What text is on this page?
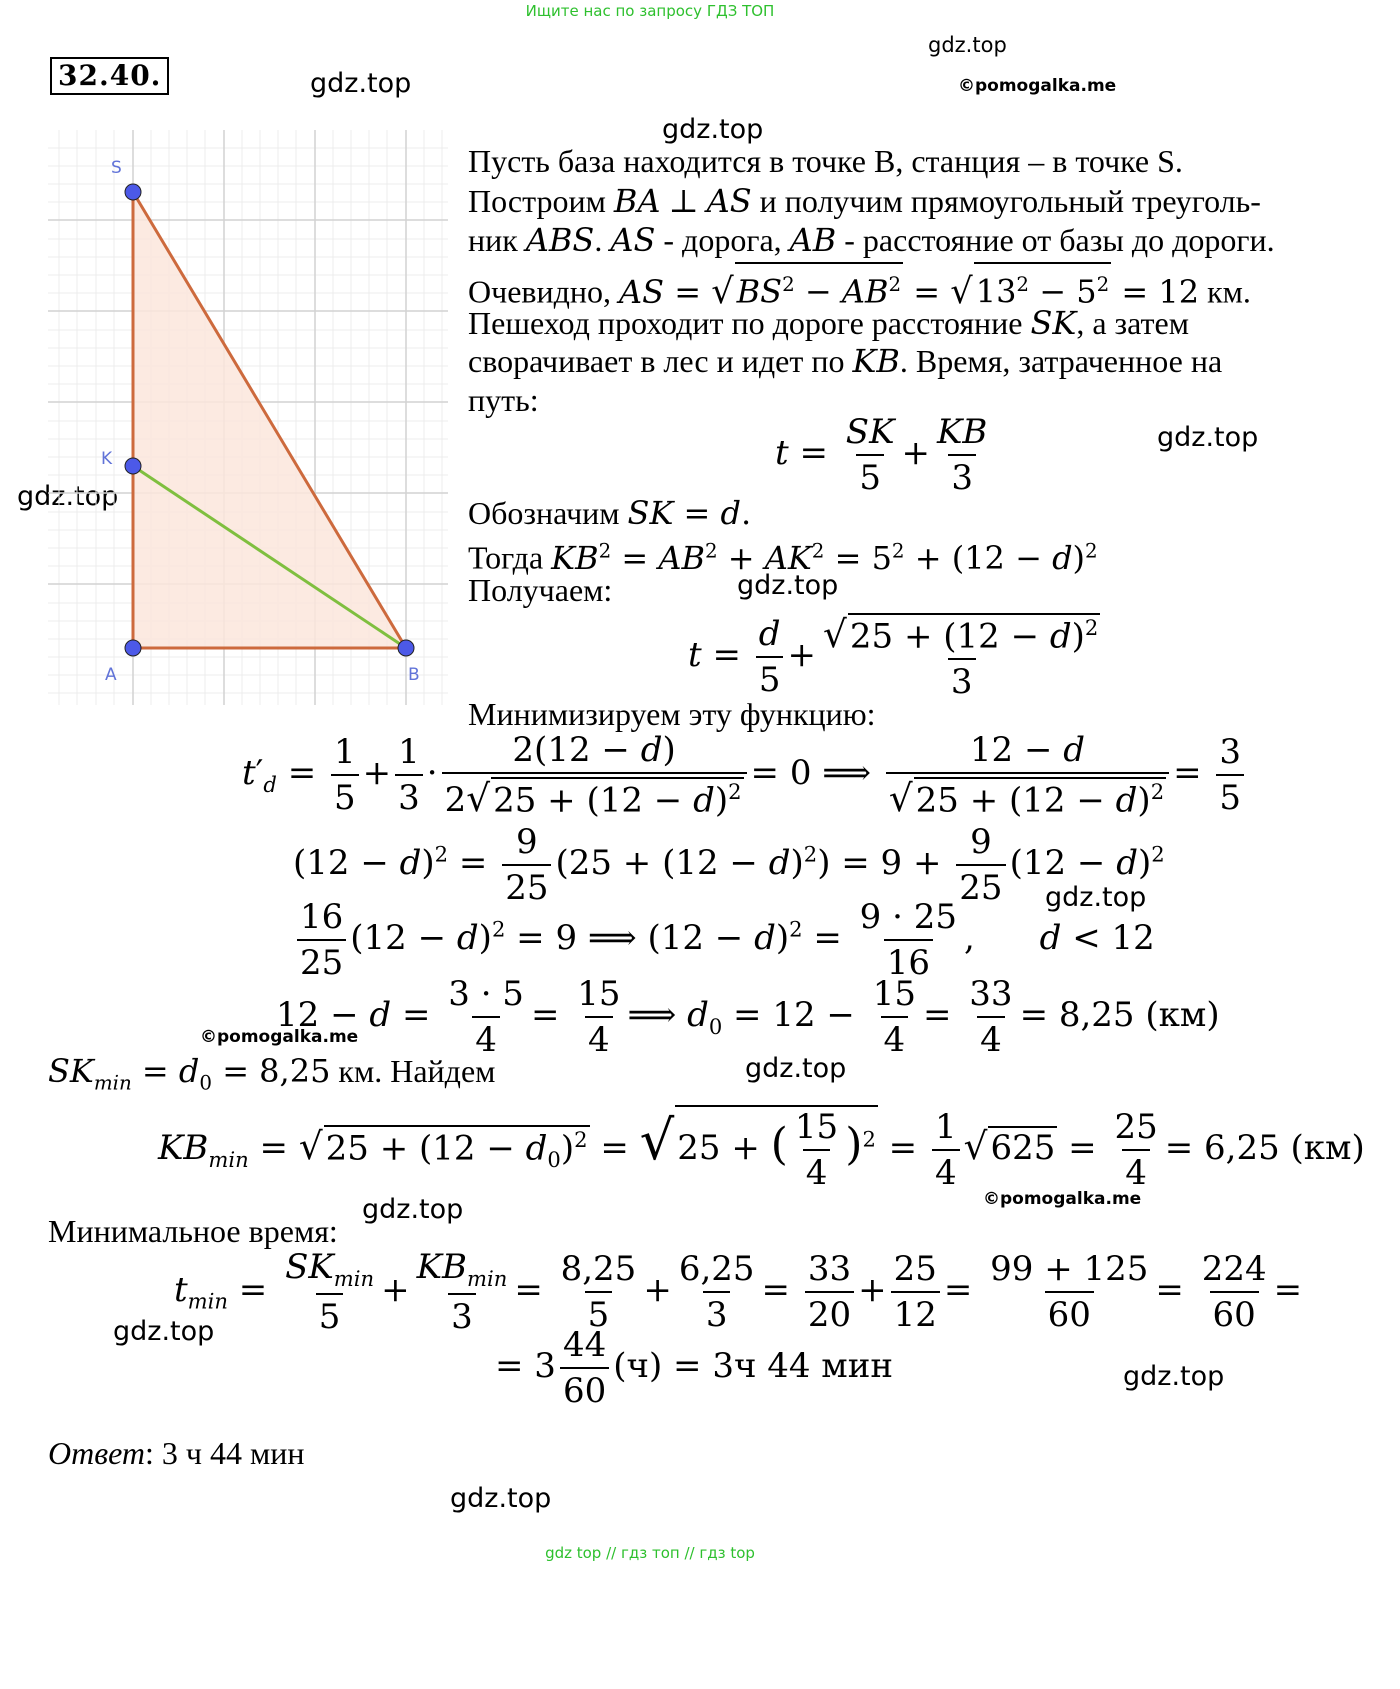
Ищите нас по запросу ГДЗ ТОП
32.40.	gdz.top
gdz.top
©pomogalka.me
gdz.top
gdz.top
gdz.top
gdz.top
gdz.top
©pomogalka.me
gdz.top
©pomogalka.me
gdz.top
gdz.top
gdz.top
gdz.top
S
K
A	B
Пусть база находится в точке B, станция – в точке S.
Построим BA ⊥ AS и получим прямоугольный треуголь-
ник ABS. AS - дорога, AB - расстояние от базы до дороги.
Очевидно, AS = $√BS^2 - AB^2 = √13^2 - 5^2 = 12$ км.
Пешеход проходит по дороге расстояние SK, а затем
сворачивает в лес и идет по KB. Время, затраченное на
путь:
$t = \frac{SK}{5} + \frac{KB}{3}$
Обозначим SK = d.
Тогда $KB^2 = AB^2 + AK^2 = 5^2 + (12 - d)^2$
Получаем:
$t = \frac{d}{5} + \frac{√25 + (12 - d)^2}{3}$
Минимизируем эту функцию:
$t'_d = \frac{1}{5} + \frac{1}{3} \cdot \frac{2(12 - d)}{2√25 + (12 - d)^2} = 0$ ⟹ $\frac{12 - d}{√25 + (12 - d)^2} = \frac{3}{5}$
$(12 - d)^2 = \frac{9}{25} (25 + (12 - d)^2) = 9 + \frac{9}{25} (12 - d)^2$
$\frac{16}{25} (12 - d)^2 = 9$ ⟹ $(12 - d)^2 = \frac{9 \cdot 25}{16}$ ,      d < 12
$12 - d = \frac{3 \cdot 5}{4} = \frac{15}{4}$ ⟹ $d_0 = 12 - \frac{15}{4} = \frac{33}{4} = 8,25$ (км)
$SK_{min} = d_0 = 8,25$ км. Найдем
$KB_{min} = √25 + (12 - d_0)^2 = √25$ + ( $\frac{15}{4} )^2 = \frac{1}{4} √625 = \frac{25}{4} = 6,25$ (км)
Минимальное время:
$t_{min} = \frac{SK_{min}}{5} + \frac{KB_{min}}{3} = \frac{8,25}{5} + \frac{6,25}{3} = \frac{33}{20} + \frac{25}{12} = \frac{99 + 125}{60} = \frac{224}{60}$ =
= $3 \frac{44}{60} (ч) = 3ч$ 44 мин
Ответ: 3 ч 44 мин
gdz top // гдз топ // гдз top
